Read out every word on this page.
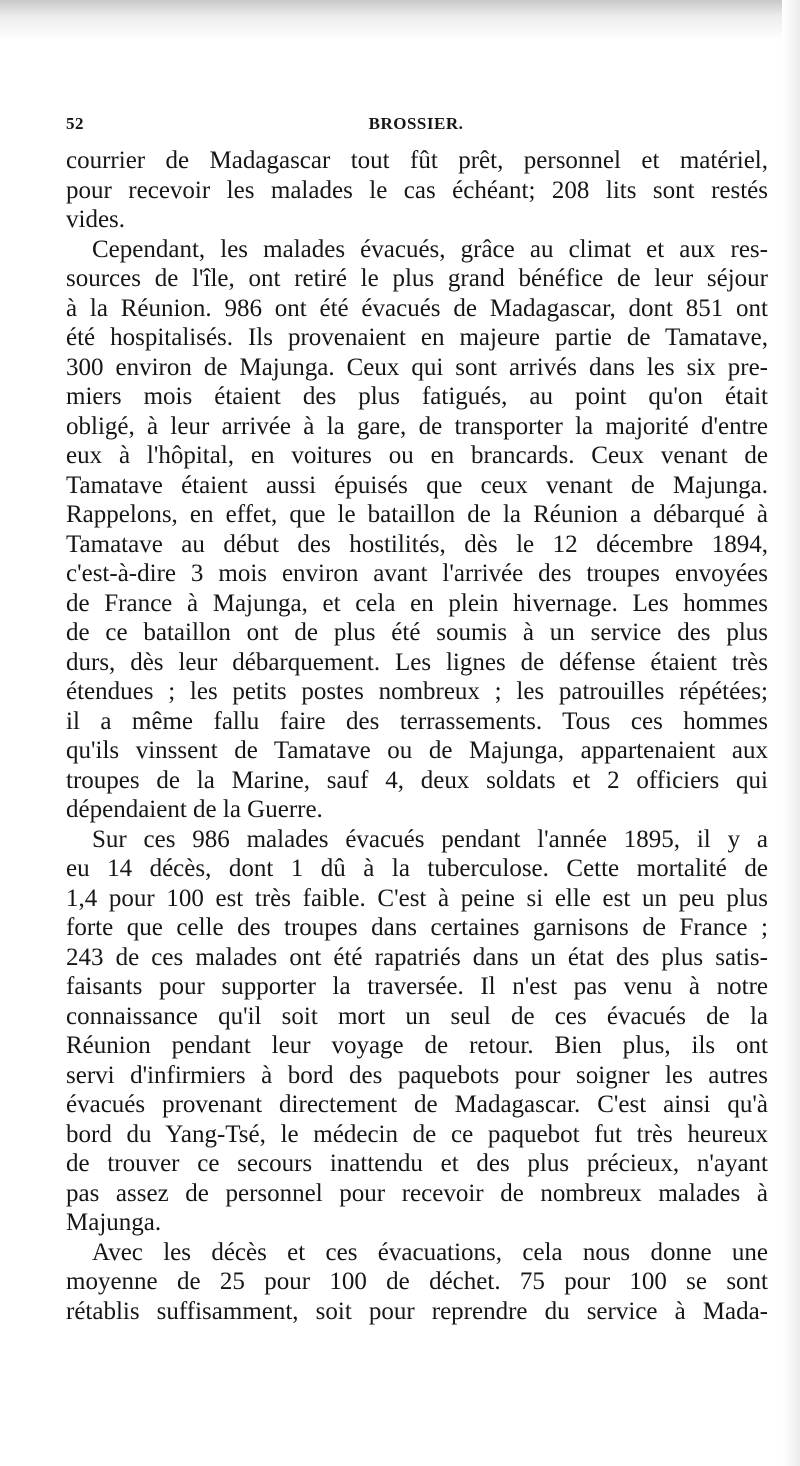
52	BROSSIER.
courrier de Madagascar tout fût prêt, personnel et matériel,
pour recevoir les malades le cas échéant; 208 lits sont restés
vides.
Cependant, les malades évacués, grâce au climat et aux res-
sources de l'île, ont retiré le plus grand bénéfice de leur séjour
à la Réunion. 986 ont été évacués de Madagascar, dont 851 ont
été hospitalisés. Ils provenaient en majeure partie de Tamatave,
300 environ de Majunga. Ceux qui sont arrivés dans les six pre-
miers mois étaient des plus fatigués, au point qu'on était
obligé, à leur arrivée à la gare, de transporter la majorité d'entre
eux à l'hôpital, en voitures ou en brancards. Ceux venant de
Tamatave étaient aussi épuisés que ceux venant de Majunga.
Rappelons, en effet, que le bataillon de la Réunion a débarqué à
Tamatave au début des hostilités, dès le 12 décembre 1894,
c'est-à-dire 3 mois environ avant l'arrivée des troupes envoyées
de France à Majunga, et cela en plein hivernage. Les hommes
de ce bataillon ont de plus été soumis à un service des plus
durs, dès leur débarquement. Les lignes de défense étaient très
étendues ; les petits postes nombreux ; les patrouilles répétées;
il a même fallu faire des terrassements. Tous ces hommes
qu'ils vinssent de Tamatave ou de Majunga, appartenaient aux
troupes de la Marine, sauf 4, deux soldats et 2 officiers qui
dépendaient de la Guerre.
Sur ces 986 malades évacués pendant l'année 1895, il y a
eu 14 décès, dont 1 dû à la tuberculose. Cette mortalité de
1,4 pour 100 est très faible. C'est à peine si elle est un peu plus
forte que celle des troupes dans certaines garnisons de France ;
243 de ces malades ont été rapatriés dans un état des plus satis-
faisants pour supporter la traversée. Il n'est pas venu à notre
connaissance qu'il soit mort un seul de ces évacués de la
Réunion pendant leur voyage de retour. Bien plus, ils ont
servi d'infirmiers à bord des paquebots pour soigner les autres
évacués provenant directement de Madagascar. C'est ainsi qu'à
bord du Yang-Tsé, le médecin de ce paquebot fut très heureux
de trouver ce secours inattendu et des plus précieux, n'ayant
pas assez de personnel pour recevoir de nombreux malades à
Majunga.
Avec les décès et ces évacuations, cela nous donne une
moyenne de 25 pour 100 de déchet. 75 pour 100 se sont
rétablis suffisamment, soit pour reprendre du service à Mada-
